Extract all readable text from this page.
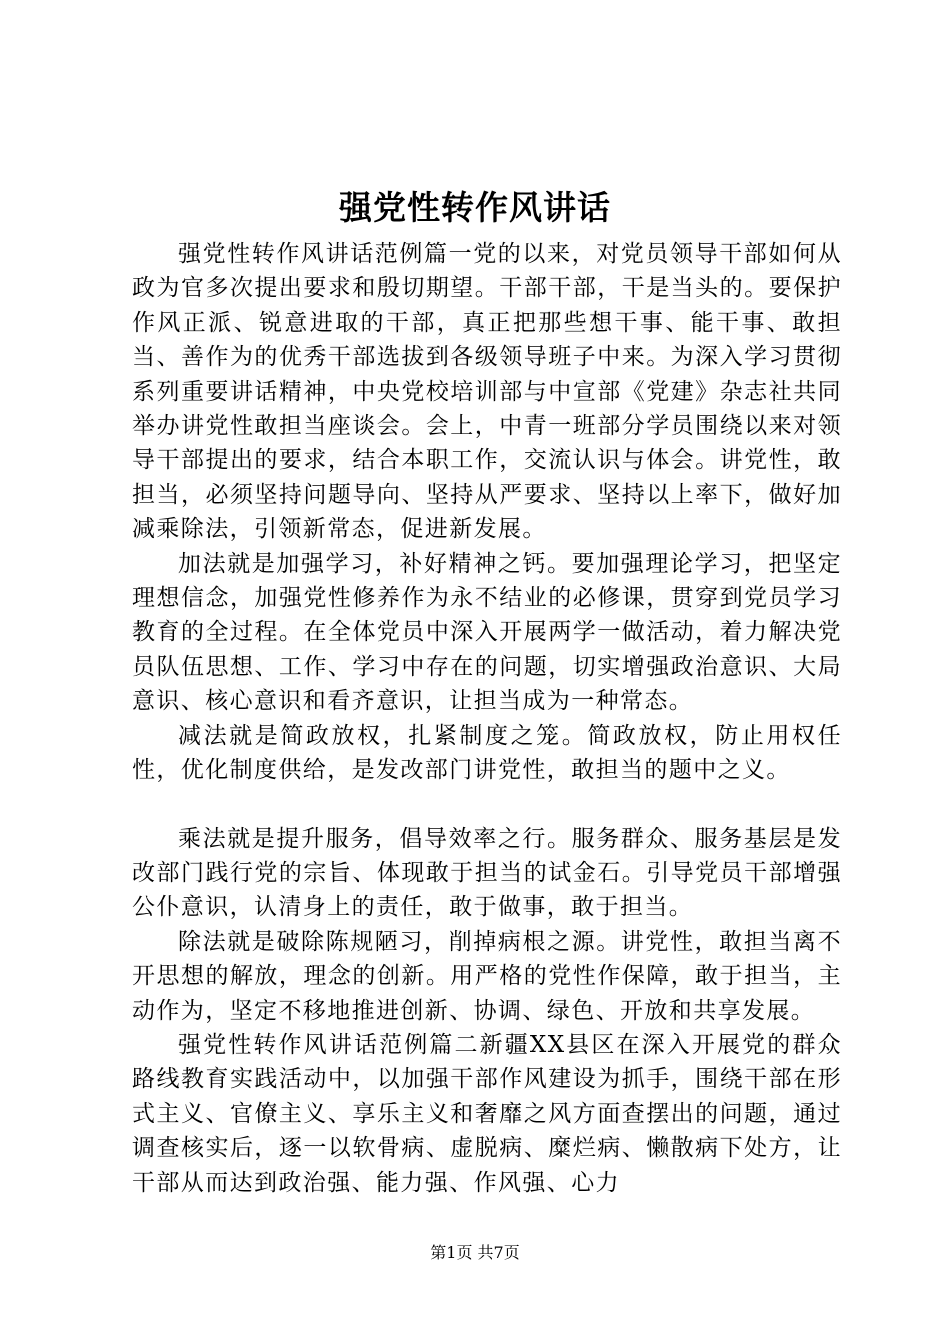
强党性转作风讲话

强党性转作风讲话范例篇一党的以来，对党员领导干部如何从政为官多次提出要求和殷切期望。干部干部，干是当头的。要保护作风正派、锐意进取的干部，真正把那些想干事、能干事、敢担当、善作为的优秀干部选拔到各级领导班子中来。为深入学习贯彻系列重要讲话精神，中央党校培训部与中宣部《党建》杂志社共同举办讲党性敢担当座谈会。会上，中青一班部分学员围绕以来对领导干部提出的要求，结合本职工作，交流认识与体会。讲党性，敢担当，必须坚持问题导向、坚持从严要求、坚持以上率下，做好加减乘除法，引领新常态，促进新发展。

加法就是加强学习，补好精神之钙。要加强理论学习，把坚定理想信念，加强党性修养作为永不结业的必修课，贯穿到党员学习教育的全过程。在全体党员中深入开展两学一做活动，着力解决党员队伍思想、工作、学习中存在的问题，切实增强政治意识、大局意识、核心意识和看齐意识，让担当成为一种常态。

减法就是简政放权，扎紧制度之笼。简政放权，防止用权任性，优化制度供给，是发改部门讲党性，敢担当的题中之义。

乘法就是提升服务，倡导效率之行。服务群众、服务基层是发改部门践行党的宗旨、体现敢于担当的试金石。引导党员干部增强公仆意识，认清身上的责任，敢于做事，敢于担当。

除法就是破除陈规陋习，削掉病根之源。讲党性，敢担当离不开思想的解放，理念的创新。用严格的党性作保障，敢于担当，主动作为，坚定不移地推进创新、协调、绿色、开放和共享发展。

强党性转作风讲话范例篇二新疆XX县区在深入开展党的群众路线教育实践活动中，以加强干部作风建设为抓手，围绕干部在形式主义、官僚主义、享乐主义和奢靡之风方面查摆出的问题，通过调查核实后，逐一以软骨病、虚脱病、糜烂病、懒散病下处方，让干部从而达到政治强、能力强、作风强、心力

第1页 共7页
